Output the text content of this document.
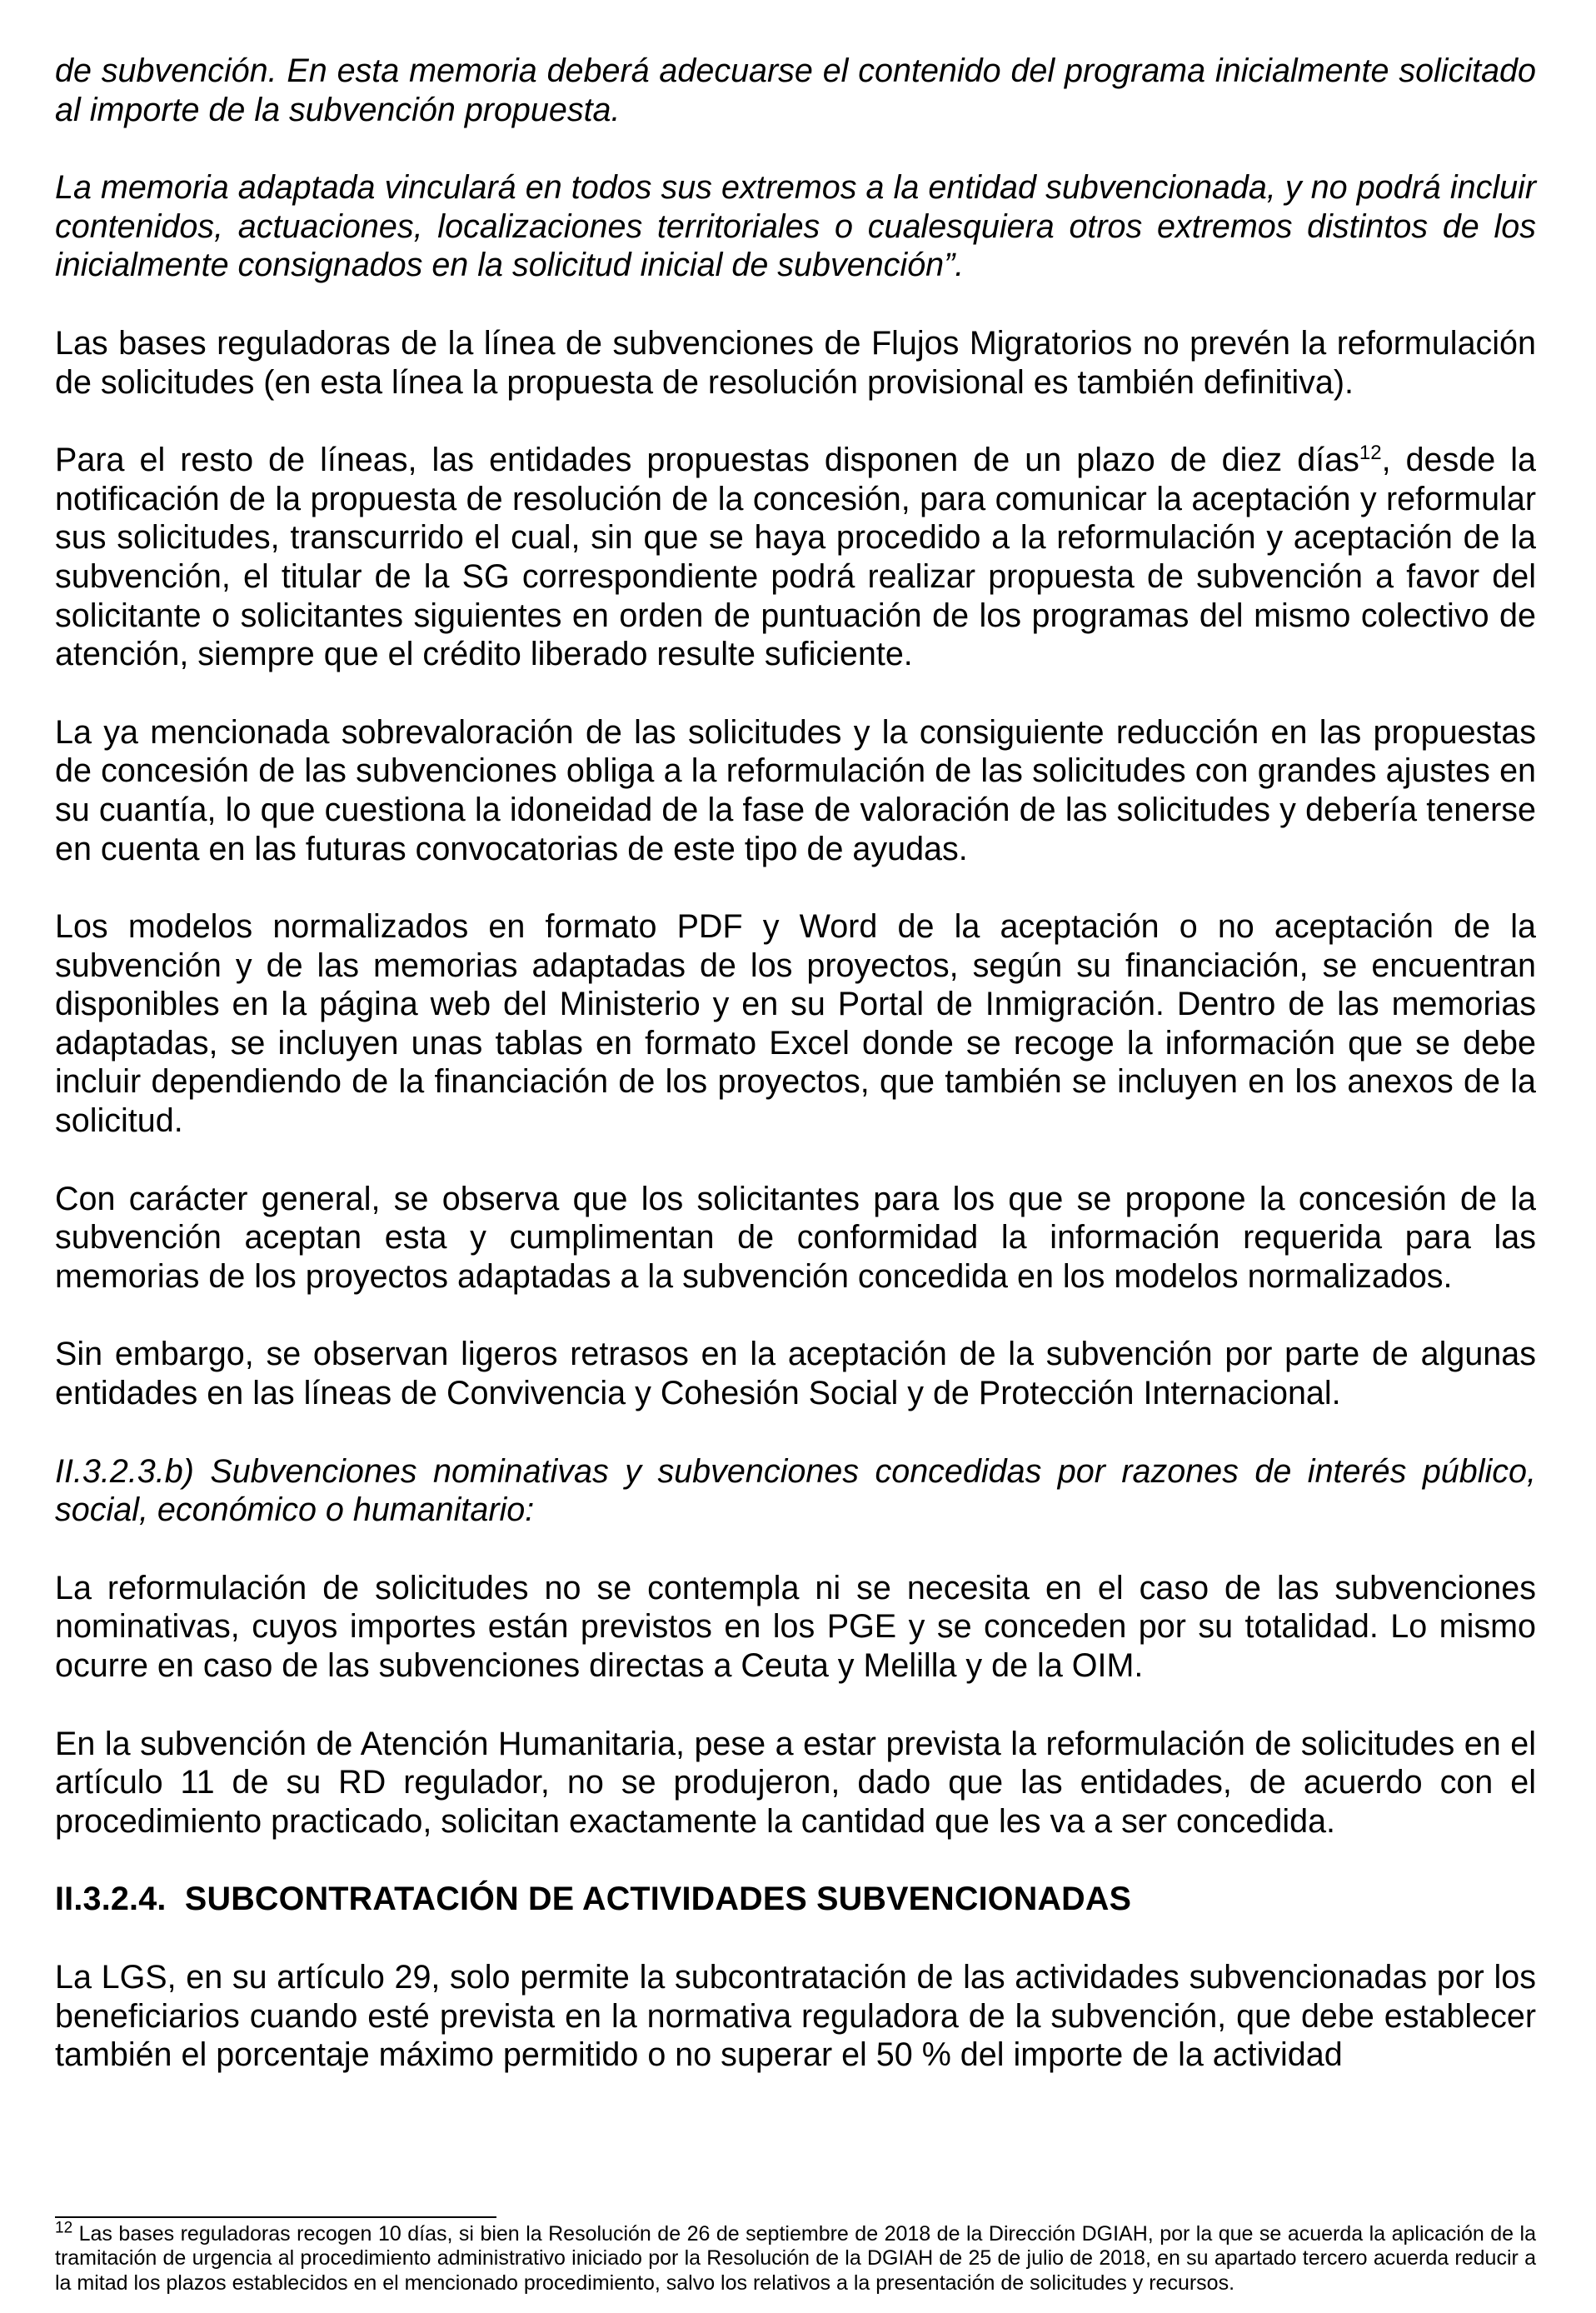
de subvención. En esta memoria deberá adecuarse el contenido del programa inicialmente solicitado al importe de la subvención propuesta.

La memoria adaptada vinculará en todos sus extremos a la entidad subvencionada, y no podrá incluir contenidos, actuaciones, localizaciones territoriales o cualesquiera otros extremos distintos de los inicialmente consignados en la solicitud inicial de subvención”.

Las bases reguladoras de la línea de subvenciones de Flujos Migratorios no prevén la reformulación de solicitudes (en esta línea la propuesta de resolución provisional es también definitiva).

Para el resto de líneas, las entidades propuestas disponen de un plazo de diez días$^{12}$, desde la notificación de la propuesta de resolución de la concesión, para comunicar la aceptación y reformular sus solicitudes, transcurrido el cual, sin que se haya procedido a la reformulación y aceptación de la subvención, el titular de la SG correspondiente podrá realizar propuesta de subvención a favor del solicitante o solicitantes siguientes en orden de puntuación de los programas del mismo colectivo de atención, siempre que el crédito liberado resulte suficiente.

La ya mencionada sobrevaloración de las solicitudes y la consiguiente reducción en las propuestas de concesión de las subvenciones obliga a la reformulación de las solicitudes con grandes ajustes en su cuantía, lo que cuestiona la idoneidad de la fase de valoración de las solicitudes y debería tenerse en cuenta en las futuras convocatorias de este tipo de ayudas.

Los modelos normalizados en formato PDF y Word de la aceptación o no aceptación de la subvención y de las memorias adaptadas de los proyectos, según su financiación, se encuentran disponibles en la página web del Ministerio y en su Portal de Inmigración. Dentro de las memorias adaptadas, se incluyen unas tablas en formato Excel donde se recoge la información que se debe incluir dependiendo de la financiación de los proyectos, que también se incluyen en los anexos de la solicitud.

Con carácter general, se observa que los solicitantes para los que se propone la concesión de la subvención aceptan esta y cumplimentan de conformidad la información requerida para las memorias de los proyectos adaptadas a la subvención concedida en los modelos normalizados.

Sin embargo, se observan ligeros retrasos en la aceptación de la subvención por parte de algunas entidades en las líneas de Convivencia y Cohesión Social y de Protección Internacional.

II.3.2.3.b) Subvenciones nominativas y subvenciones concedidas por razones de interés público, social, económico o humanitario:

La reformulación de solicitudes no se contempla ni se necesita en el caso de las subvenciones nominativas, cuyos importes están previstos en los PGE y se conceden por su totalidad. Lo mismo ocurre en caso de las subvenciones directas a Ceuta y Melilla y de la OIM.

En la subvención de Atención Humanitaria, pese a estar prevista la reformulación de solicitudes en el artículo 11 de su RD regulador, no se produjeron, dado que las entidades, de acuerdo con el procedimiento practicado, solicitan exactamente la cantidad que les va a ser concedida.

II.3.2.4. SUBCONTRATACIÓN DE ACTIVIDADES SUBVENCIONADAS

La LGS, en su artículo 29, solo permite la subcontratación de las actividades subvencionadas por los beneficiarios cuando esté prevista en la normativa reguladora de la subvención, que debe establecer también el porcentaje máximo permitido o no superar el 50 % del importe de la actividad

$^{12}$ Las bases reguladoras recogen 10 días, si bien la Resolución de 26 de septiembre de 2018 de la Dirección DGIAH, por la que se acuerda la aplicación de la tramitación de urgencia al procedimiento administrativo iniciado por la Resolución de la DGIAH de 25 de julio de 2018, en su apartado tercero acuerda reducir a la mitad los plazos establecidos en el mencionado procedimiento, salvo los relativos a la presentación de solicitudes y recursos.
